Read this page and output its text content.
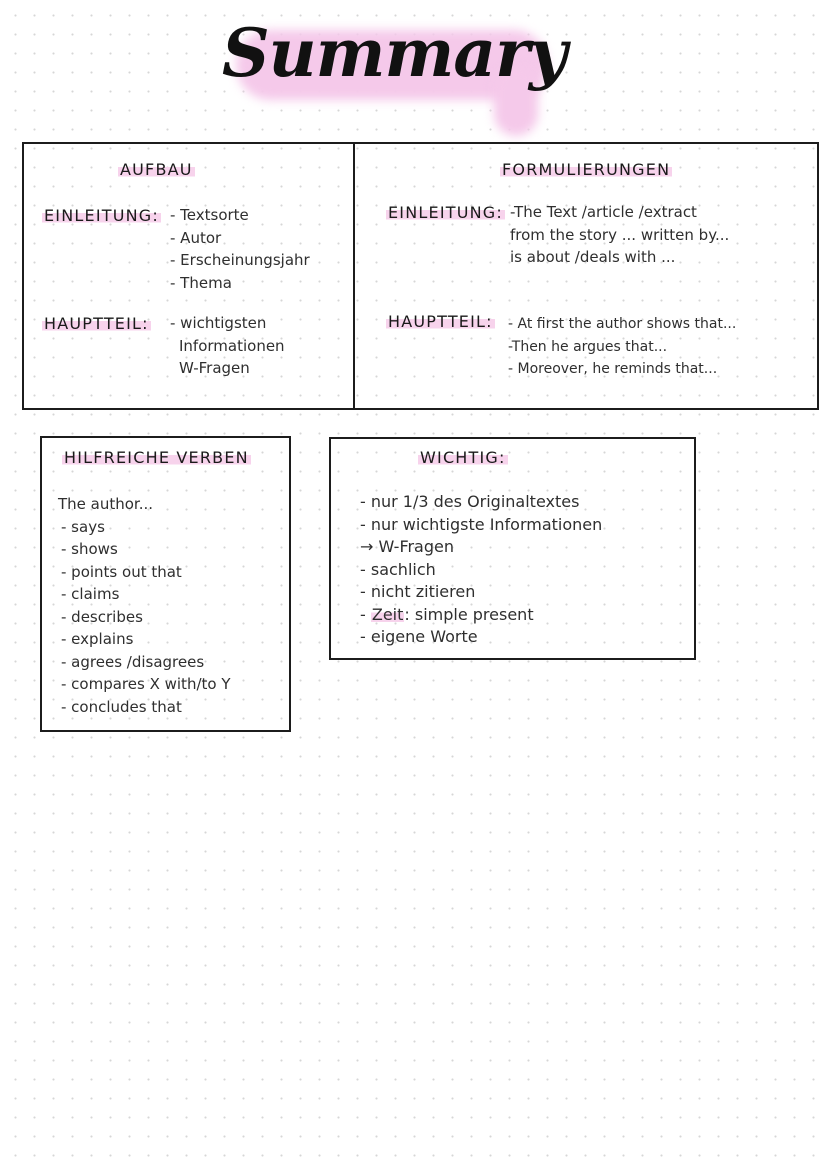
Summary
AUFBAU
EINLEITUNG: - Textsorte
- Autor
- Erscheinungsjahr
- Thema
HAUPTTEIL: - wichtigsten
Informationen
W-Fragen
FORMULIERUNGEN
EINLEITUNG: -The Text /article /extract
from the story ... written by...
is about /deals with ...
HAUPTTEIL: - At first the author shows that...
-Then he argues that...
- Moreover, he reminds that...
HILFREICHE VERBEN
The author...
- says
- shows
- points out that
- claims
- describes
- explains
- agrees /disagrees
- compares X with/to Y
- concludes that
WICHTIG:
- nur 1/3 des Originaltextes
- nur wichtigste Informationen
→ W-Fragen
- sachlich
- nicht zitieren
- Zeit: simple present
- eigene Worte
